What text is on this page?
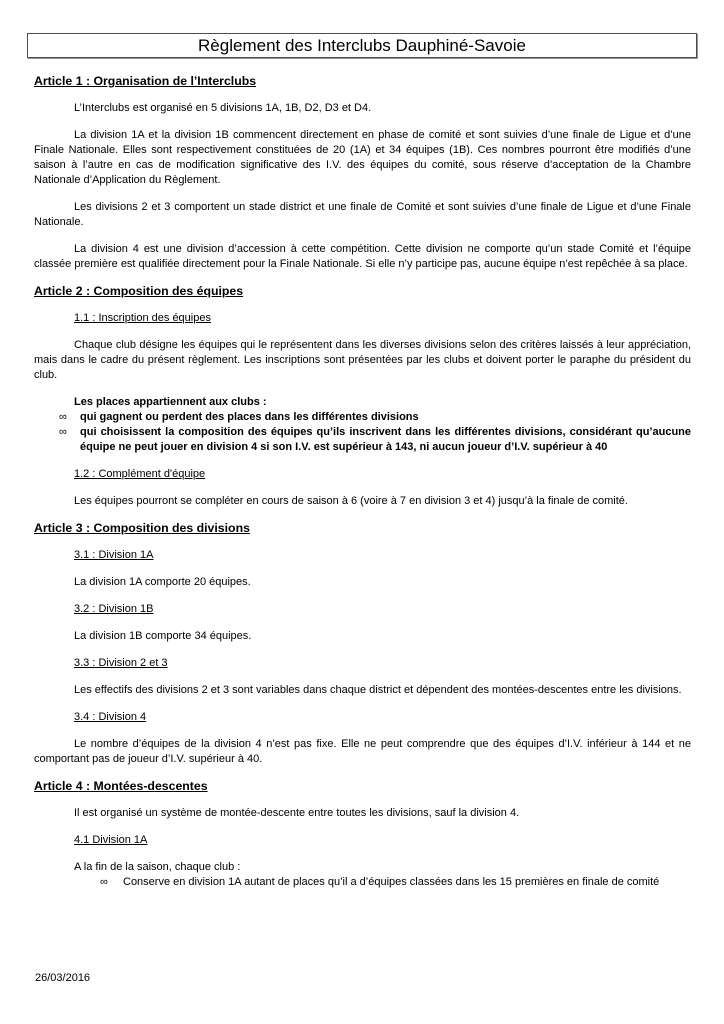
Règlement des Interclubs Dauphiné-Savoie
Article 1 : Organisation de l’Interclubs
L’Interclubs est organisé en 5 divisions 1A, 1B, D2, D3 et D4.
La division 1A et la division 1B commencent directement en phase de comité et sont suivies d’une finale de Ligue et d’une Finale Nationale. Elles sont respectivement constituées de 20 (1A) et 34 équipes (1B). Ces nombres pourront être modifiés d’une saison à l’autre en cas de modification significative des I.V. des équipes du comité, sous réserve d’acceptation de la Chambre Nationale d’Application du Règlement.
Les divisions 2 et 3 comportent un stade district et une finale de Comité et sont suivies d’une finale de Ligue et d’une Finale Nationale.
La division 4 est une division d’accession à cette compétition. Cette division ne comporte qu’un stade Comité et l’équipe classée première est qualifiée directement pour la Finale Nationale. Si elle n’y participe pas, aucune équipe n’est repêchée à sa place.
Article 2 : Composition des équipes
1.1 : Inscription des équipes
Chaque club désigne les équipes qui le représentent dans les diverses divisions selon des critères laissés à leur appréciation, mais dans le cadre du présent règlement. Les inscriptions sont présentées par les clubs et doivent porter le paraphe du président du club.
Les places appartiennent aux clubs :
∞ qui gagnent ou perdent des places dans les différentes divisions
∞ qui choisissent la composition des équipes qu’ils inscrivent dans les différentes divisions, considérant qu’aucune équipe ne peut jouer en division 4 si son I.V. est supérieur à 143, ni aucun joueur d’I.V. supérieur à 40
1.2 : Complément d'équipe
Les équipes pourront se compléter en cours de saison à 6 (voire à 7 en division 3 et 4) jusqu’à la finale de comité.
Article 3 : Composition des divisions
3.1 : Division 1A
La division 1A comporte 20 équipes.
3.2 : Division 1B
La division 1B comporte 34 équipes.
3.3 : Division 2 et 3
Les effectifs des divisions 2 et 3 sont variables dans chaque district et dépendent des montées-descentes entre les divisions.
3.4 : Division 4
Le nombre d’équipes de la division 4 n’est pas fixe. Elle ne peut comprendre que des équipes d’I.V. inférieur à 144 et ne comportant pas de joueur d’I.V. supérieur à 40.
Article 4 : Montées-descentes
Il est organisé un système de montée-descente entre toutes les divisions, sauf la division 4.
4.1 Division 1A
A la fin de la saison, chaque club :
∞ Conserve en division 1A autant de places qu’il a d’équipes classées dans les 15 premières en finale de comité
26/03/2016
